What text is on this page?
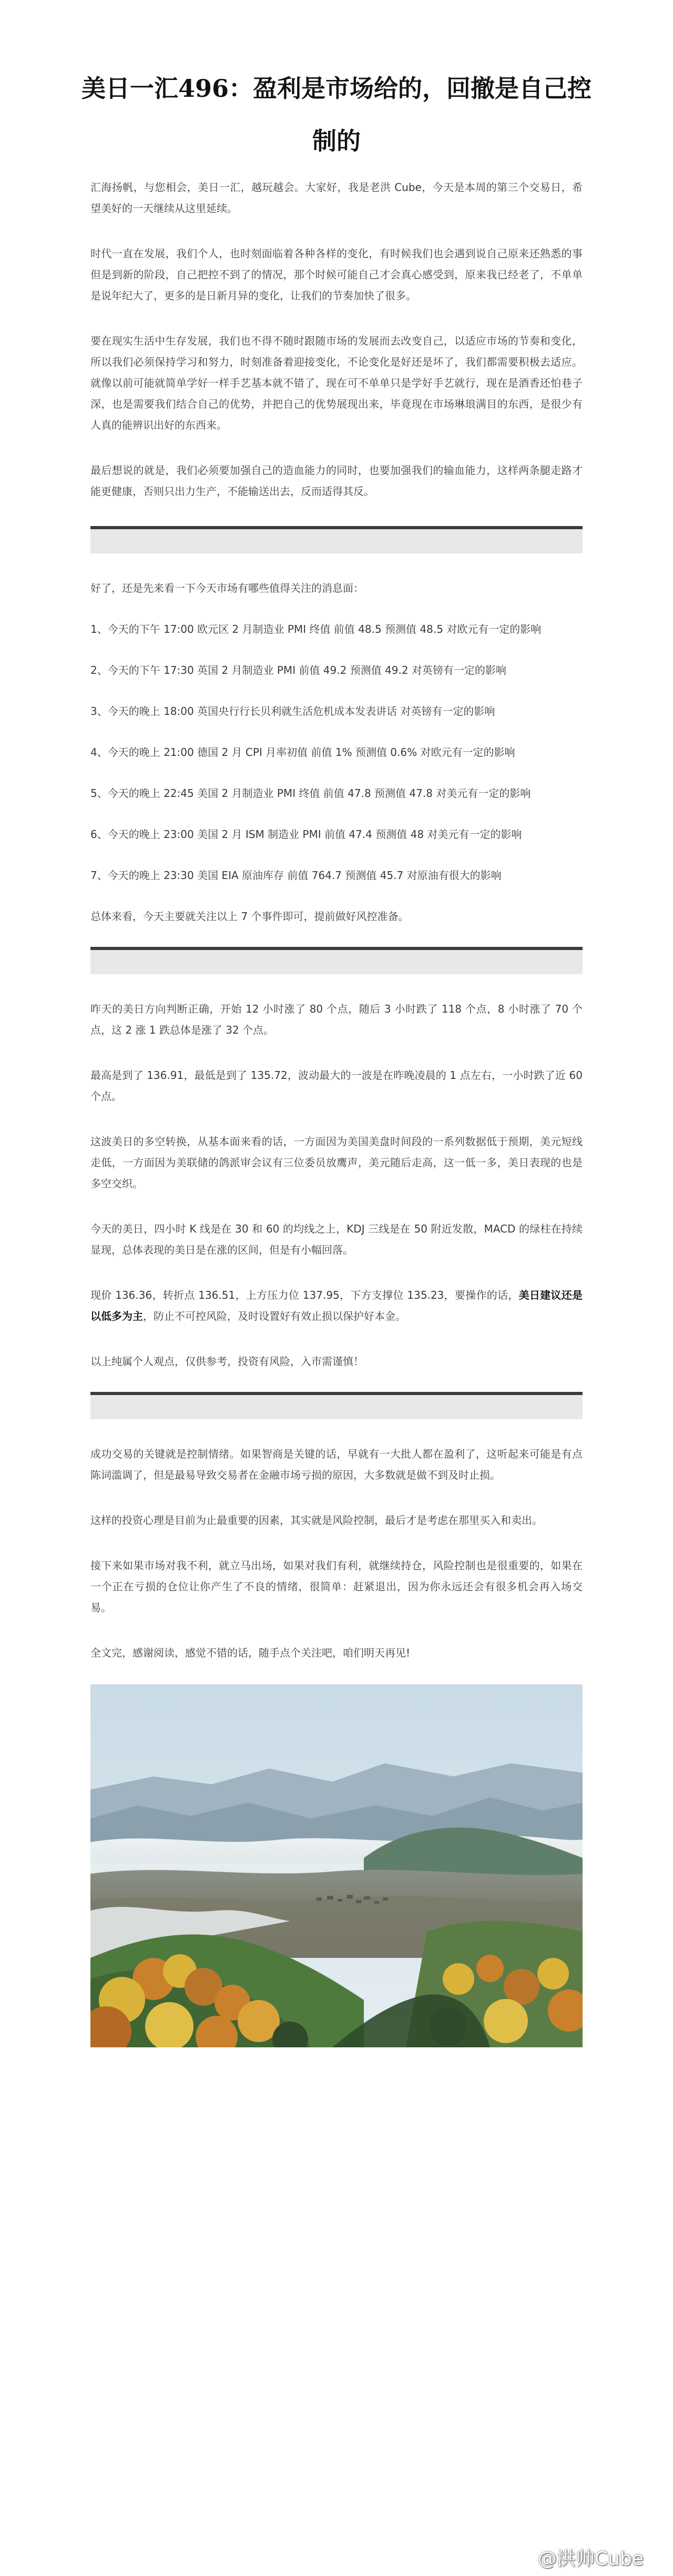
美日一汇496：盈利是市场给的，回撤是自己控制的

汇海扬帆，与您相会，美日一汇，越玩越会。大家好，我是老洪 Cube，今天是本周的第三个交易日，希望美好的一天继续从这里延续。

时代一直在发展，我们个人，也时刻面临着各种各样的变化，有时候我们也会遇到说自己原来还熟悉的事但是到新的阶段，自己把控不到了的情况，那个时候可能自己才会真心感受到，原来我已经老了，不单单是说年纪大了，更多的是日新月异的变化，让我们的节奏加快了很多。

要在现实生活中生存发展，我们也不得不随时跟随市场的发展而去改变自己，以适应市场的节奏和变化，所以我们必须保持学习和努力，时刻准备着迎接变化，不论变化是好还是坏了，我们都需要积极去适应。就像以前可能就简单学好一样手艺基本就不错了，现在可不单单只是学好手艺就行，现在是酒香还怕巷子深，也是需要我们结合自己的优势，并把自己的优势展现出来，毕竟现在市场琳琅满目的东西，是很少有人真的能辨识出好的东西来。

最后想说的就是，我们必须要加强自己的造血能力的同时，也要加强我们的输血能力，这样两条腿走路才能更健康，否则只出力生产，不能输送出去，反而适得其反。

好了，还是先来看一下今天市场有哪些值得关注的消息面：

1、今天的下午 17:00 欧元区 2 月制造业 PMI 终值 前值 48.5 预测值 48.5 对欧元有一定的影响

2、今天的下午 17:30 英国 2 月制造业 PMI 前值 49.2 预测值 49.2 对英镑有一定的影响

3、今天的晚上 18:00 英国央行行长贝利就生活危机成本发表讲话 对英镑有一定的影响

4、今天的晚上 21:00 德国 2 月 CPI 月率初值 前值 1% 预测值 0.6% 对欧元有一定的影响

5、今天的晚上 22:45 美国 2 月制造业 PMI 终值 前值 47.8 预测值 47.8 对美元有一定的影响

6、今天的晚上 23:00 美国 2 月 ISM 制造业 PMI 前值 47.4 预测值 48 对美元有一定的影响

7、今天的晚上 23:30 美国 EIA 原油库存 前值 764.7 预测值 45.7 对原油有很大的影响

总体来看，今天主要就关注以上 7 个事件即可，提前做好风控准备。

昨天的美日方向判断正确，开始 12 小时涨了 80 个点，随后 3 小时跌了 118 个点，8 小时涨了 70 个点，这 2 涨 1 跌总体是涨了 32 个点。

最高是到了 136.91，最低是到了 135.72，波动最大的一波是在昨晚凌晨的 1 点左右，一小时跌了近 60 个点。

这波美日的多空转换，从基本面来看的话，一方面因为美国美盘时间段的一系列数据低于预期，美元短线走低，一方面因为美联储的鸽派审会议有三位委员放鹰声，美元随后走高，这一低一多，美日表现的也是多空交织。

今天的美日，四小时 K 线是在 30 和 60 的均线之上，KDJ 三线是在 50 附近发散，MACD 的绿柱在持续显现，总体表现的美日是在涨的区间，但是有小幅回落。

现价 136.36，转折点 136.51，上方压力位 137.95，下方支撑位 135.23，要操作的话，美日建议还是以低多为主，防止不可控风险，及时设置好有效止损以保护好本金。

以上纯属个人观点，仅供参考，投资有风险，入市需谨慎！

成功交易的关键就是控制情绪。如果智商是关键的话，早就有一大批人都在盈利了，这听起来可能是有点陈词滥调了，但是最易导致交易者在金融市场亏损的原因，大多数就是做不到及时止损。

这样的投资心理是目前为止最重要的因素，其实就是风险控制，最后才是考虑在那里买入和卖出。

接下来如果市场对我不利，就立马出场，如果对我们有利，就继续持仓，风险控制也是很重要的，如果在一个正在亏损的仓位让你产生了不良的情绪，很简单：赶紧退出，因为你永远还会有很多机会再入场交易。

全文完，感谢阅读，感觉不错的话，随手点个关注吧，咱们明天再见!

@洪帅Cube
